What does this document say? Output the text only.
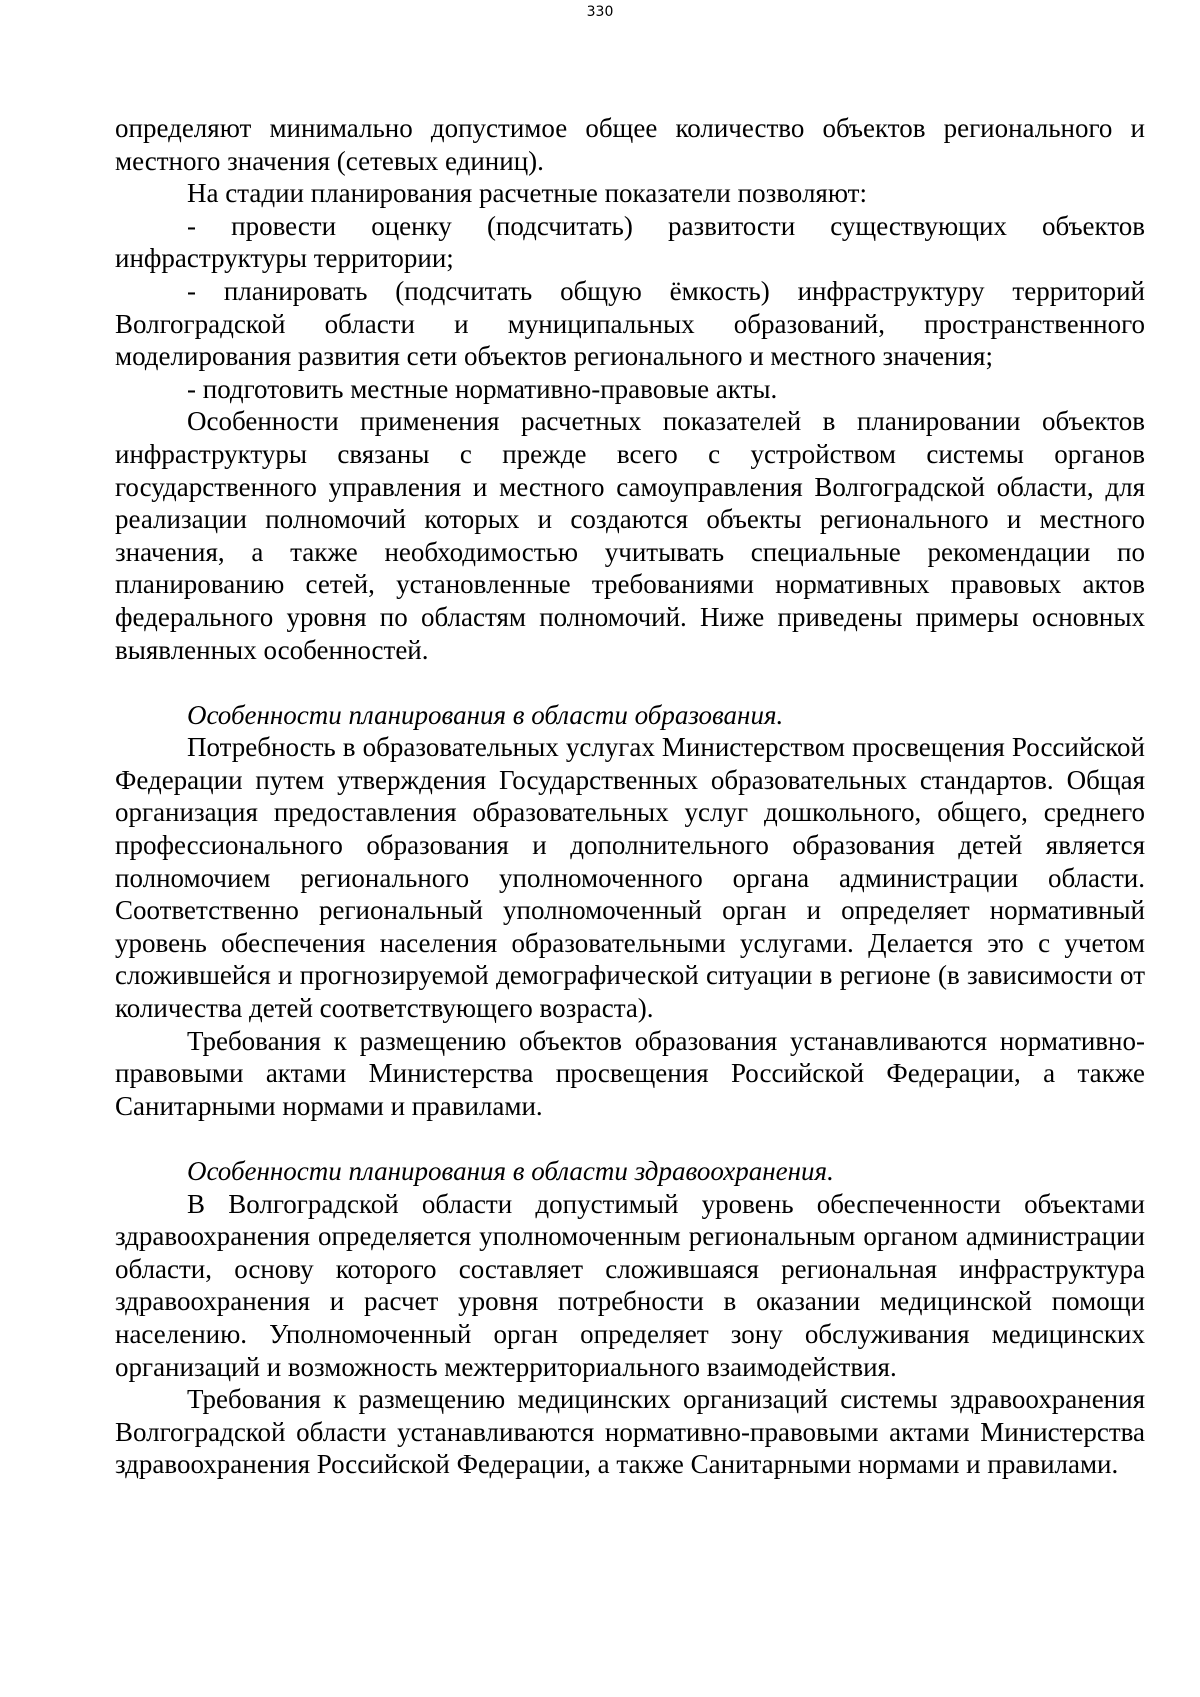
330

определяют минимально допустимое общее количество объектов регионального и местного значения (сетевых единиц).

На стадии планирования расчетные показатели позволяют:

- провести оценку (подсчитать) развитости существующих объектов инфраструктуры территории;

- планировать (подсчитать общую ёмкость) инфраструктуру территорий Волгоградской области и муниципальных образований, пространственного моделирования развития сети объектов регионального и местного значения;

- подготовить местные нормативно-правовые акты.

Особенности применения расчетных показателей в планировании объектов инфраструктуры связаны с прежде всего с устройством системы органов государственного управления и местного самоуправления Волгоградской области, для реализации полномочий которых и создаются объекты регионального и местного значения, а также необходимостью учитывать специальные рекомендации по планированию сетей, установленные требованиями нормативных правовых актов федерального уровня по областям полномочий. Ниже приведены примеры основных выявленных особенностей.

Особенности планирования в области образования.

Потребность в образовательных услугах Министерством просвещения Российской Федерации путем утверждения Государственных образовательных стандартов. Общая организация предоставления образовательных услуг дошкольного, общего, среднего профессионального образования и дополнительного образования детей является полномочием регионального уполномоченного органа администрации области. Соответственно региональный уполномоченный орган и определяет нормативный уровень обеспечения населения образовательными услугами. Делается это с учетом сложившейся и прогнозируемой демографической ситуации в регионе (в зависимости от количества детей соответствующего возраста).

Требования к размещению объектов образования устанавливаются нормативно-правовыми актами Министерства просвещения Российской Федерации, а также Санитарными нормами и правилами.

Особенности планирования в области здравоохранения.

В Волгоградской области допустимый уровень обеспеченности объектами здравоохранения определяется уполномоченным региональным органом администрации области, основу которого составляет сложившаяся региональная инфраструктура здравоохранения и расчет уровня потребности в оказании медицинской помощи населению. Уполномоченный орган определяет зону обслуживания медицинских организаций и возможность межтерриториального взаимодействия.

Требования к размещению медицинских организаций системы здравоохранения Волгоградской области устанавливаются нормативно-правовыми актами Министерства здравоохранения Российской Федерации, а также Санитарными нормами и правилами.
